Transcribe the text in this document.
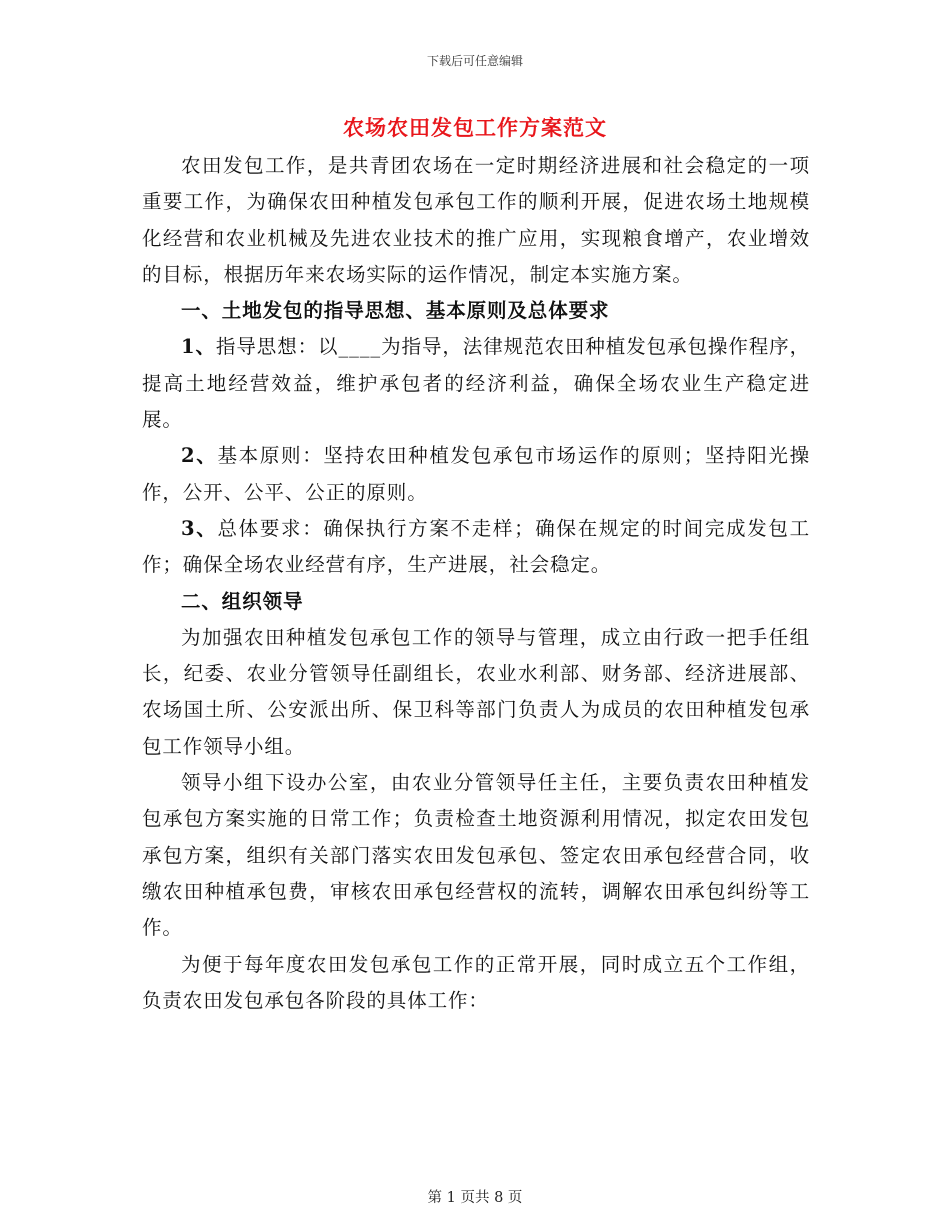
下载后可任意编辑
农场农田发包工作方案范文

农田发包工作，是共青团农场在一定时期经济进展和社会稳定的一项重要工作，为确保农田种植发包承包工作的顺利开展，促进农场土地规模化经营和农业机械及先进农业技术的推广应用，实现粮食增产，农业增效的目标，根据历年来农场实际的运作情况，制定本实施方案。

一、土地发包的指导思想、基本原则及总体要求

1、指导思想：以____为指导，法律规范农田种植发包承包操作程序，提高土地经营效益，维护承包者的经济利益，确保全场农业生产稳定进展。

2、基本原则：坚持农田种植发包承包市场运作的原则；坚持阳光操作，公开、公平、公正的原则。

3、总体要求：确保执行方案不走样；确保在规定的时间完成发包工作；确保全场农业经营有序，生产进展，社会稳定。

二、组织领导

为加强农田种植发包承包工作的领导与管理，成立由行政一把手任组长，纪委、农业分管领导任副组长，农业水利部、财务部、经济进展部、农场国土所、公安派出所、保卫科等部门负责人为成员的农田种植发包承包工作领导小组。

领导小组下设办公室，由农业分管领导任主任，主要负责农田种植发包承包方案实施的日常工作；负责检查土地资源利用情况，拟定农田发包承包方案，组织有关部门落实农田发包承包、签定农田承包经营合同，收缴农田种植承包费，审核农田承包经营权的流转，调解农田承包纠纷等工作。

为便于每年度农田发包承包工作的正常开展，同时成立五个工作组，负责农田发包承包各阶段的具体工作：

第 1 页共 8 页
